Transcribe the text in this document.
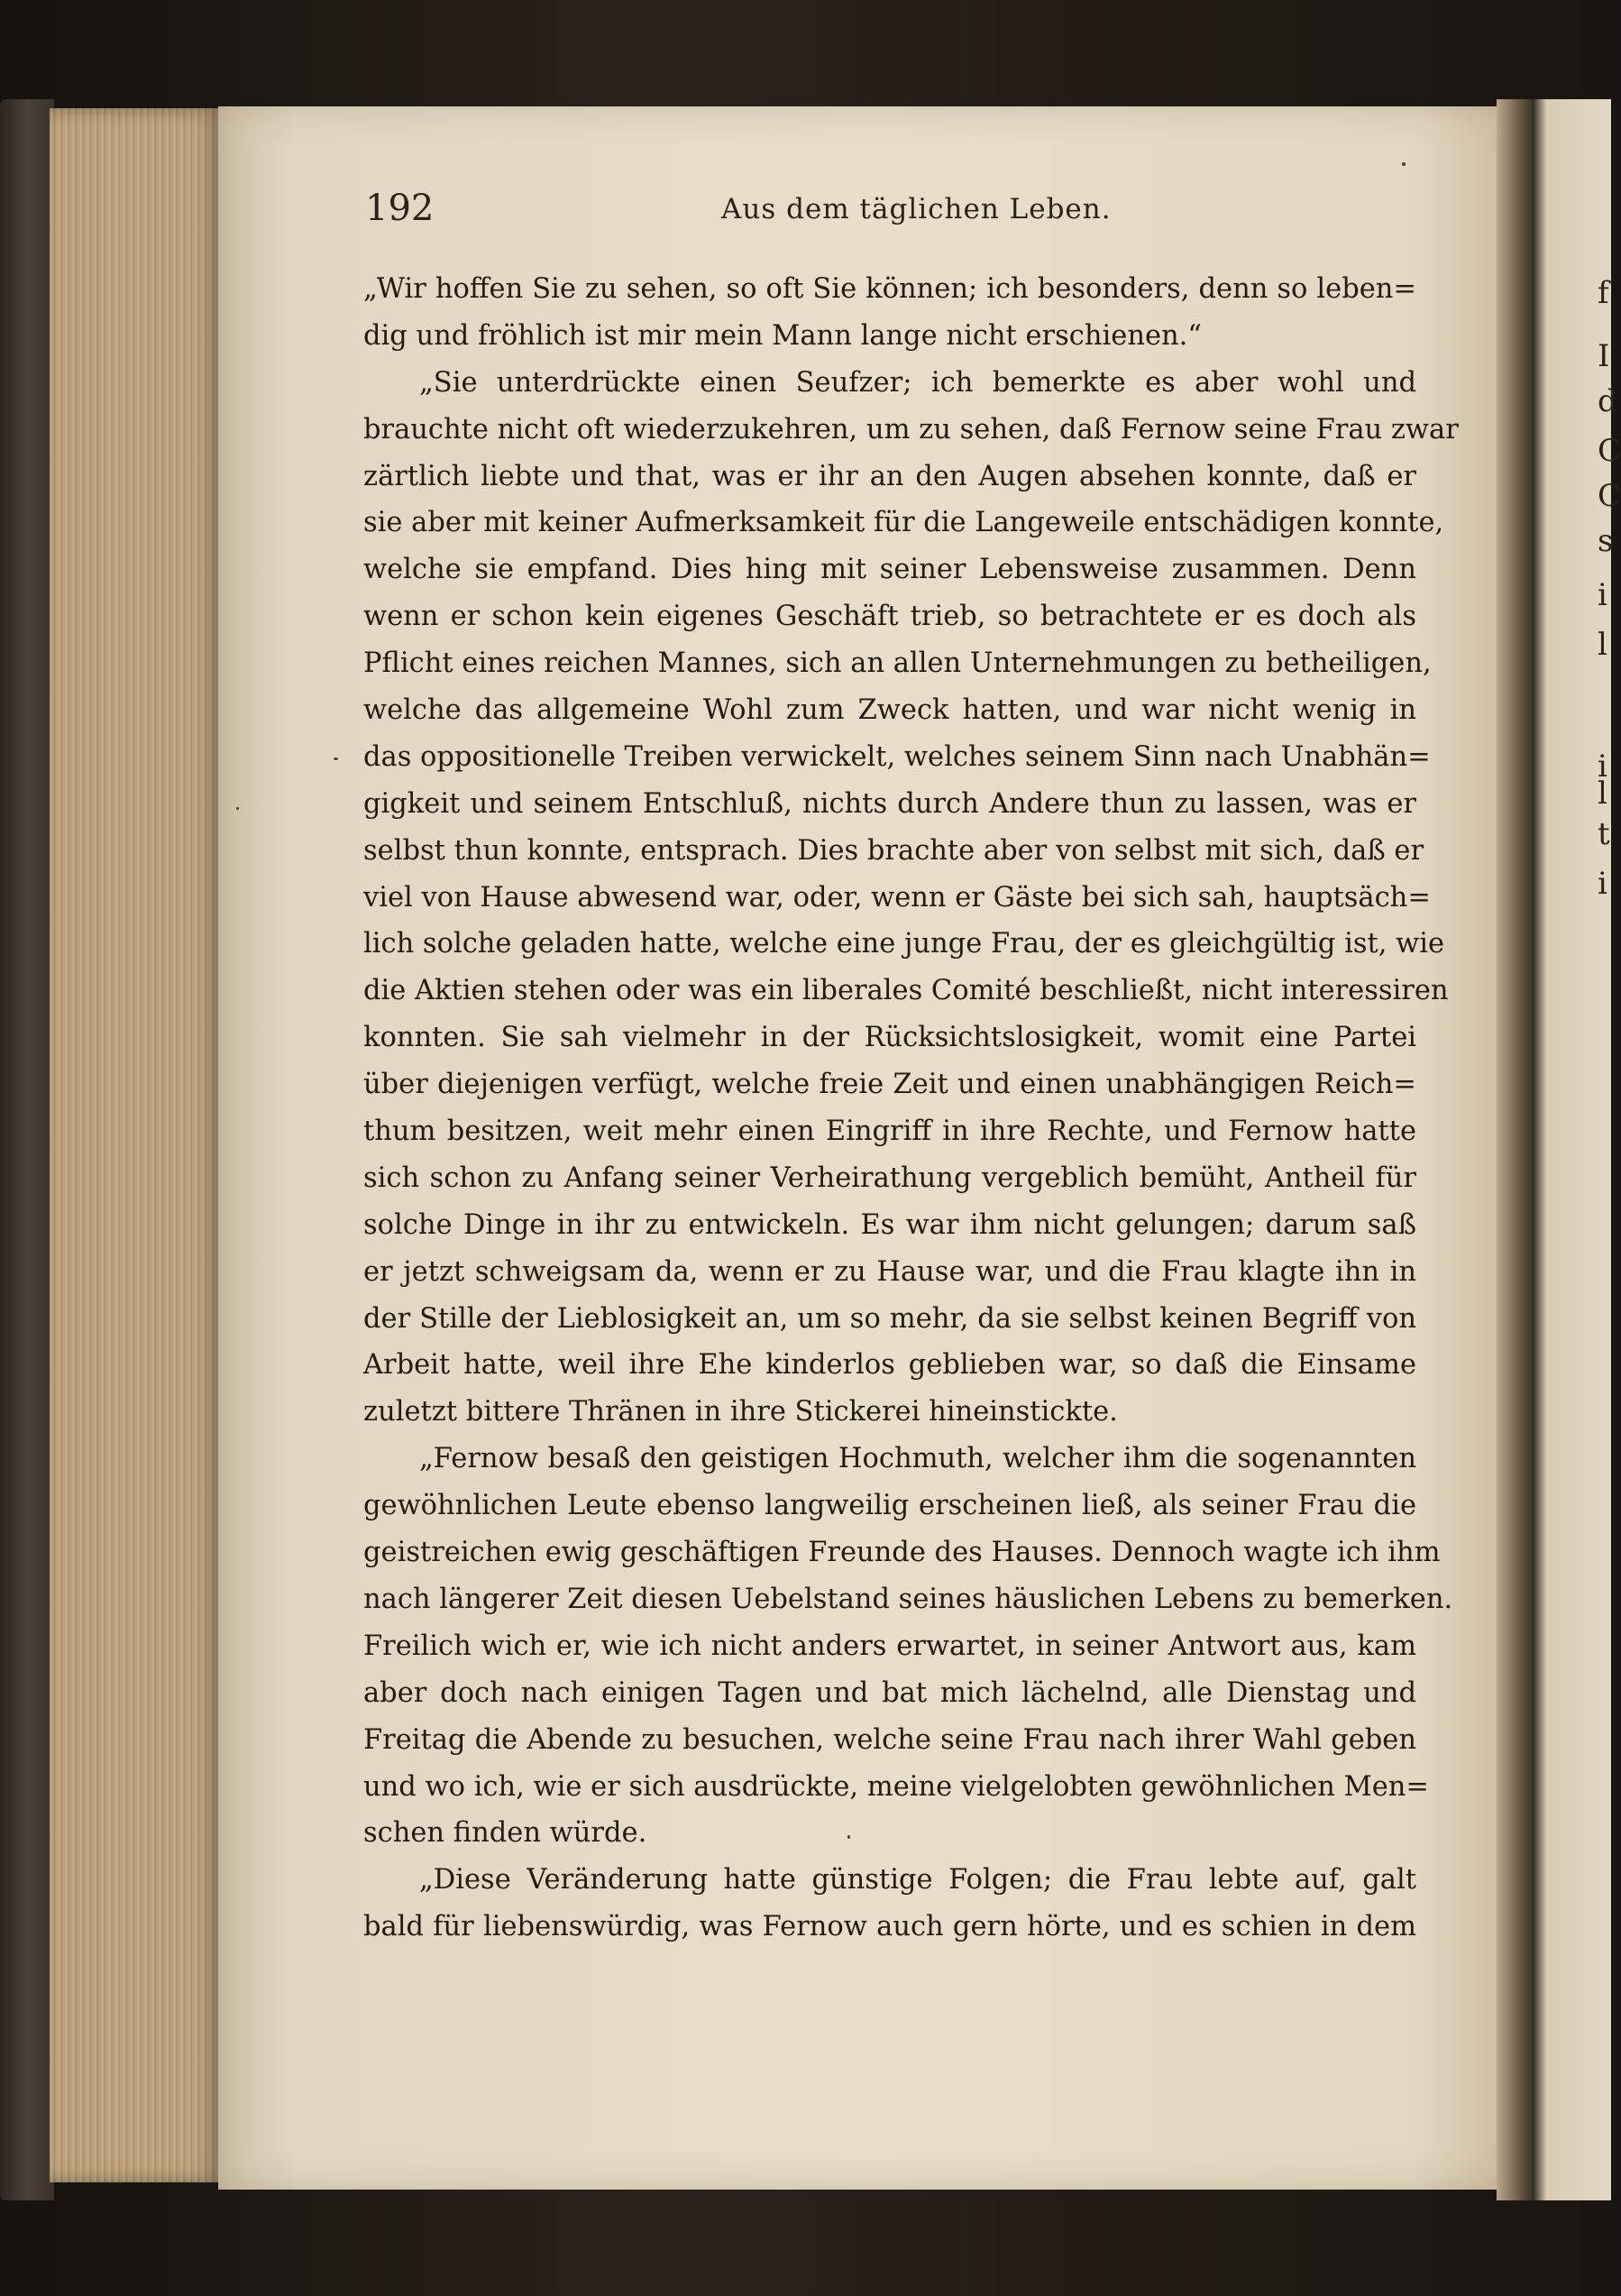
f
I
d
C
C
s
i
l
i
l
t
i
192	Aus dem täglichen Leben.
„Wir hoffen Sie zu sehen, so oft Sie können; ich besonders, denn so leben=
dig und fröhlich ist mir mein Mann lange nicht erschienen.“
„Sie unterdrückte einen Seufzer; ich bemerkte es aber wohl und
brauchte nicht oft wiederzukehren, um zu sehen, daß Fernow seine Frau zwar
zärtlich liebte und that, was er ihr an den Augen absehen konnte, daß er
sie aber mit keiner Aufmerksamkeit für die Langeweile entschädigen konnte,
welche sie empfand. Dies hing mit seiner Lebensweise zusammen. Denn
wenn er schon kein eigenes Geschäft trieb, so betrachtete er es doch als
Pflicht eines reichen Mannes, sich an allen Unternehmungen zu betheiligen,
welche das allgemeine Wohl zum Zweck hatten, und war nicht wenig in
das oppositionelle Treiben verwickelt, welches seinem Sinn nach Unabhän=
gigkeit und seinem Entschluß, nichts durch Andere thun zu lassen, was er
selbst thun konnte, entsprach. Dies brachte aber von selbst mit sich, daß er
viel von Hause abwesend war, oder, wenn er Gäste bei sich sah, hauptsäch=
lich solche geladen hatte, welche eine junge Frau, der es gleichgültig ist, wie
die Aktien stehen oder was ein liberales Comité beschließt, nicht interessiren
konnten. Sie sah vielmehr in der Rücksichtslosigkeit, womit eine Partei
über diejenigen verfügt, welche freie Zeit und einen unabhängigen Reich=
thum besitzen, weit mehr einen Eingriff in ihre Rechte, und Fernow hatte
sich schon zu Anfang seiner Verheirathung vergeblich bemüht, Antheil für
solche Dinge in ihr zu entwickeln. Es war ihm nicht gelungen; darum saß
er jetzt schweigsam da, wenn er zu Hause war, und die Frau klagte ihn in
der Stille der Lieblosigkeit an, um so mehr, da sie selbst keinen Begriff von
Arbeit hatte, weil ihre Ehe kinderlos geblieben war, so daß die Einsame
zuletzt bittere Thränen in ihre Stickerei hineinstickte.
„Fernow besaß den geistigen Hochmuth, welcher ihm die sogenannten
gewöhnlichen Leute ebenso langweilig erscheinen ließ, als seiner Frau die
geistreichen ewig geschäftigen Freunde des Hauses. Dennoch wagte ich ihm
nach längerer Zeit diesen Uebelstand seines häuslichen Lebens zu bemerken.
Freilich wich er, wie ich nicht anders erwartet, in seiner Antwort aus, kam
aber doch nach einigen Tagen und bat mich lächelnd, alle Dienstag und
Freitag die Abende zu besuchen, welche seine Frau nach ihrer Wahl geben
und wo ich, wie er sich ausdrückte, meine vielgelobten gewöhnlichen Men=
schen finden würde.
„Diese Veränderung hatte günstige Folgen; die Frau lebte auf, galt
bald für liebenswürdig, was Fernow auch gern hörte, und es schien in dem
